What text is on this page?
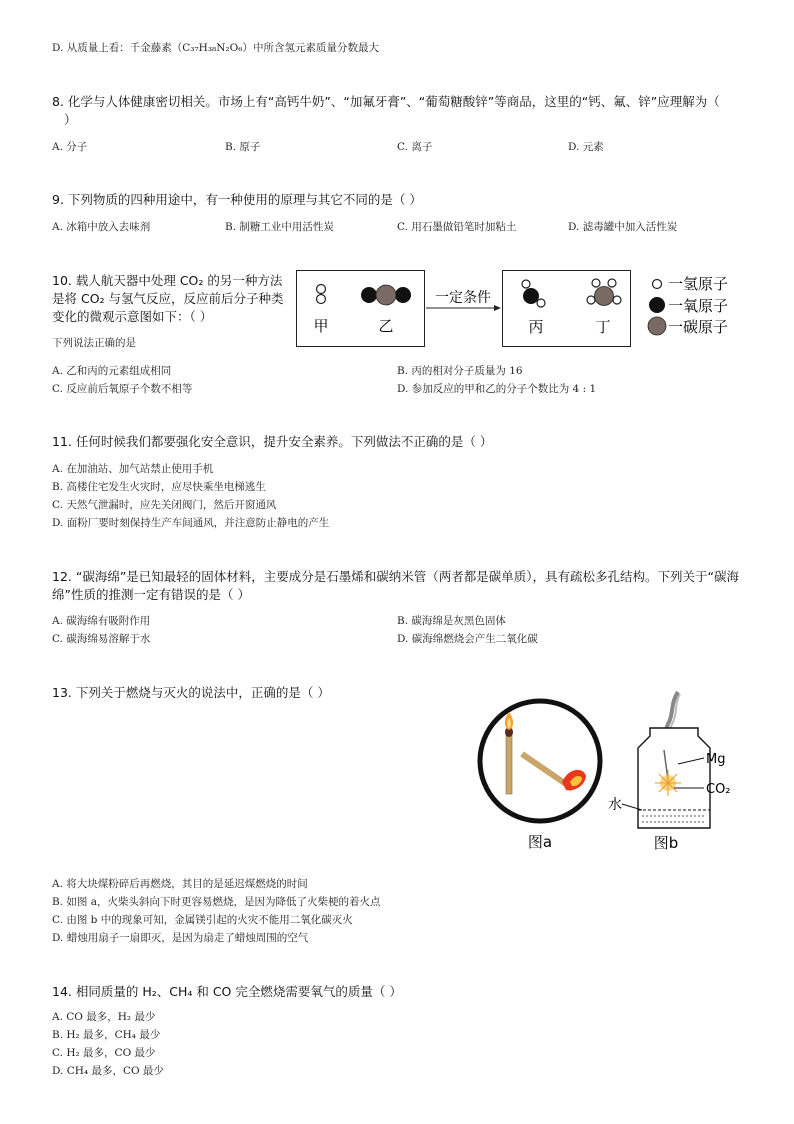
D. 从质量上看：千金藤素（C₃₇H₃₈N₂O₆）中所含氢元素质量分数最大
8. 化学与人体健康密切相关。市场上有“高钙牛奶”、“加氟牙膏”、“葡萄糖酸锌”等商品，这里的“钙、氟、锌”应理解为（
）
A. 分子	B. 原子	C. 离子	D. 元素
9. 下列物质的四种用途中，有一种使用的原理与其它不同的是（ ）
A. 冰箱中放入去味剂	B. 制糖工业中用活性炭	C. 用石墨做铅笔时加粘土	D. 滤毒罐中加入活性炭
10. 载人航天器中处理 CO₂ 的另一种方法
是将 CO₂ 与氢气反应，反应前后分子种类
变化的微观示意图如下：（ ）
下列说法正确的是
甲	乙
一定条件
丙	丁
一氢原子
一氧原子
一碳原子
A. 乙和丙的元素组成相同	B. 丙的相对分子质量为 16
C. 反应前后氧原子个数不相等	D. 参加反应的甲和乙的分子个数比为 4 : 1
11. 任何时候我们都要强化安全意识，提升安全素养。下列做法不正确的是（ ）
A. 在加油站、加气站禁止使用手机
B. 高楼住宅发生火灾时，应尽快乘坐电梯逃生
C. 天然气泄漏时，应先关闭阀门，然后开窗通风
D. 面粉厂要时刻保持生产车间通风，并注意防止静电的产生
12. “碳海绵”是已知最轻的固体材料，主要成分是石墨烯和碳纳米管（两者都是碳单质），具有疏松多孔结构。下列关于“碳海
绵”性质的推测一定有错误的是（ ）
A. 碳海绵有吸附作用	B. 碳海绵是灰黑色固体
C. 碳海绵易溶解于水	D. 碳海绵燃烧会产生二氧化碳
13. 下列关于燃烧与灭火的说法中，正确的是（ ）
图a
Mg
CO₂
水
图b
A. 将大块煤粉碎后再燃烧，其目的是延迟煤燃烧的时间
B. 如图 a，火柴头斜向下时更容易燃烧，是因为降低了火柴梗的着火点
C. 由图 b 中的现象可知，金属镁引起的火灾不能用二氧化碳灭火
D. 蜡烛用扇子一扇即灭，是因为扇走了蜡烛周围的空气
14. 相同质量的 H₂、CH₄ 和 CO 完全燃烧需要氧气的质量（ ）
A. CO 最多，H₂ 最少
B. H₂ 最多，CH₄ 最少
C. H₂ 最多，CO 最少
D. CH₄ 最多，CO 最少
